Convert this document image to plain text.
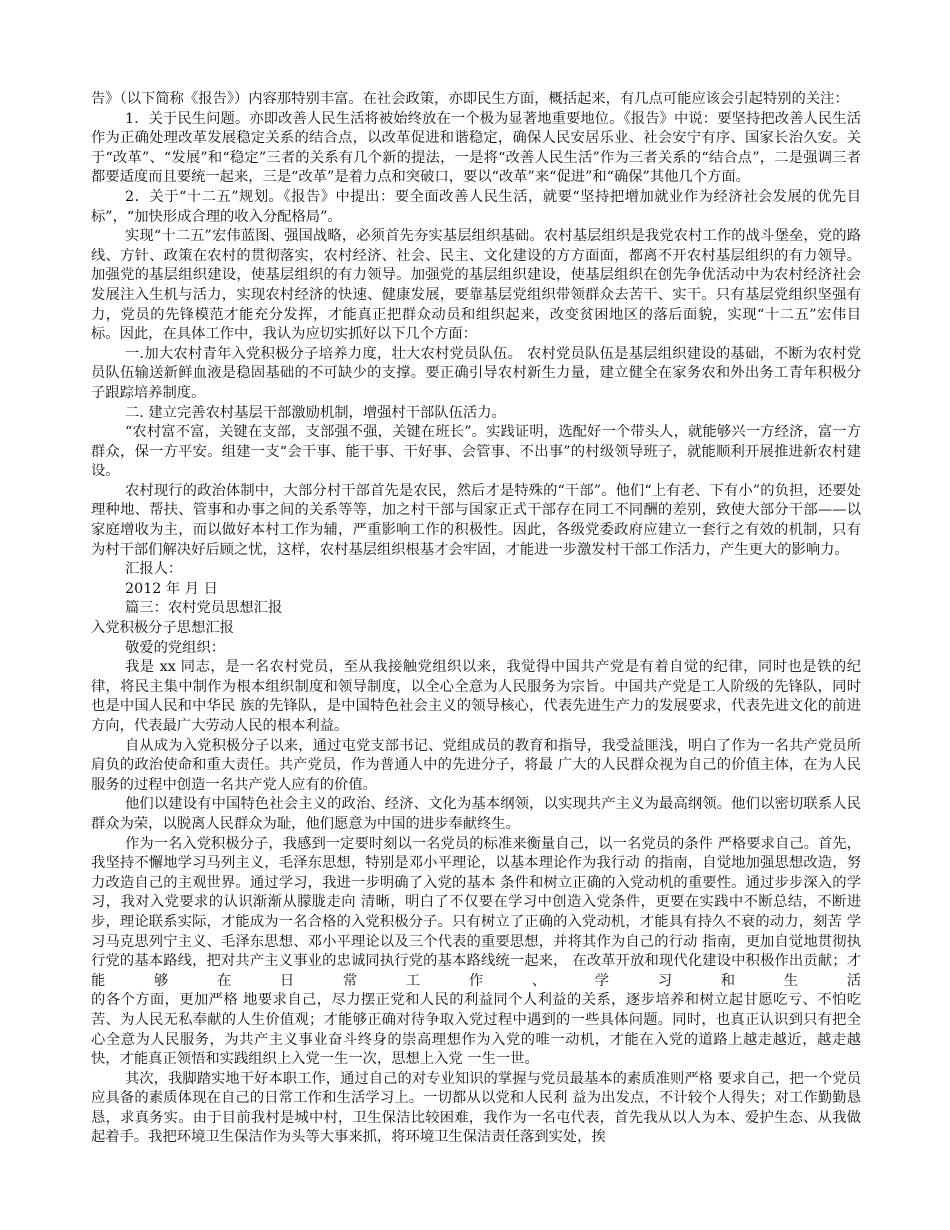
告》（以下简称《报告》）内容那特别丰富。在社会政策，亦即民生方面，概括起来，有几点可能应该会引起特别的关注：

1．关于民生问题。亦即改善人民生活将被始终放在一个极为显著地重要地位。《报告》中说：要坚持把改善人民生活作为正确处理改革发展稳定关系的结合点，以改革促进和谐稳定，确保人民安居乐业、社会安宁有序、国家长治久安。关于“改革”、“发展”和“稳定”三者的关系有几个新的提法，一是将“改善人民生活”作为三者关系的“结合点”，二是强调三者都要适度而且要统一起来，三是“改革”是着力点和突破口，要以“改革”来“促进”和“确保”其他几个方面。

2．关于“十二五”规划。《报告》中提出：要全面改善人民生活，就要“坚持把增加就业作为经济社会发展的优先目标”，“加快形成合理的收入分配格局”。

实现“十二五”宏伟蓝图、强国战略，必须首先夯实基层组织基础。农村基层组织是我党农村工作的战斗堡垒，党的路线、方针、政策在农村的贯彻落实，农村经济、社会、民主、文化建设的方方面面，都离不开农村基层组织的有力领导。加强党的基层组织建设，使基层组织的有力领导。加强党的基层组织建设，使基层组织在创先争优活动中为农村经济社会发展注入生机与活力，实现农村经济的快速、健康发展，要靠基层党组织带领群众去苦干、实干。只有基层党组织坚强有力，党员的先锋模范才能充分发挥，才能真正把群众动员和组织起来，改变贫困地区的落后面貌，实现“十二五”宏伟目标。因此，在具体工作中，我认为应切实抓好以下几个方面：

一.加大农村青年入党积极分子培养力度，壮大农村党员队伍。 农村党员队伍是基层组织建设的基础，不断为农村党员队伍输送新鲜血液是稳固基础的不可缺少的支撑。要正确引导农村新生力量，建立健全在家务农和外出务工青年积极分子跟踪培养制度。

二. 建立完善农村基层干部激励机制，增强村干部队伍活力。

“农村富不富，关键在支部，支部强不强，关键在班长”。实践证明，选配好一个带头人，就能够兴一方经济，富一方群众，保一方平安。组建一支“会干事、能干事、干好事、会管事、不出事”的村级领导班子，就能顺利开展推进新农村建设。

农村现行的政治体制中，大部分村干部首先是农民，然后才是特殊的“干部”。他们“上有老、下有小”的负担，还要处理种地、帮扶、管事和办事之间的关系等等，加之村干部与国家正式干部存在同工不同酬的差别，致使大部分干部——以家庭增收为主，而以做好本村工作为辅，严重影响工作的积极性。因此，各级党委政府应建立一套行之有效的机制，只有为村干部们解决好后顾之忧，这样，农村基层组织根基才会牢固，才能进一步激发村干部工作活力，产生更大的影响力。

汇报人：

2012 年 月 日

篇三：农村党员思想汇报

入党积极分子思想汇报

敬爱的党组织：

我是 xx 同志，是一名农村党员，至从我接触党组织以来，我觉得中国共产党是有着自觉的纪律，同时也是铁的纪律，将民主集中制作为根本组织制度和领导制度，以全心全意为人民服务为宗旨。中国共产党是工人阶级的先锋队，同时也是中国人民和中华民 族的先锋队，是中国特色社会主义的领导核心，代表先进生产力的发展要求，代表先进文化的前进 方向，代表最广大劳动人民的根本利益。

自从成为入党积极分子以来，通过屯党支部书记、党组成员的教育和指导，我受益匪浅，明白了作为一名共产党员所肩负的政治使命和重大责任。共产党员，作为普通人中的先进分子，将最 广大的人民群众视为自己的价值主体，在为人民服务的过程中创造一名共产党人应有的价值。

他们以建设有中国特色社会主义的政治、经济、文化为基本纲领，以实现共产主义为最高纲领。他们以密切联系人民群众为荣，以脱离人民群众为耻，他们愿意为中国的进步奉献终生。

作为一名入党积极分子，我感到一定要时刻以一名党员的标准来衡量自己，以一名党员的条件 严格要求自己。首先，我坚持不懈地学习马列主义，毛泽东思想，特别是邓小平理论，以基本理论作为我行动 的指南，自觉地加强思想改造，努力改造自己的主观世界。通过学习，我进一步明确了入党的基本 条件和树立正确的入党动机的重要性。通过步步深入的学习，我对入党要求的认识渐渐从朦胧走向 清晰，明白了不仅要在学习中创造入党条件，更要在实践中不断总结，不断进步，理论联系实际，才能成为一名合格的入党积极分子。只有树立了正确的入党动机，才能具有持久不衰的动力，刻苦 学习马克思列宁主义、毛泽东思想、邓小平理论以及三个代表的重要思想，并将其作为自己的行动 指南，更加自觉地贯彻执行党的基本路线，把对共产主义事业的忠诚同执行党的基本路线统一起来， 在改革开放和现代化建设中积极作出贡献；才能够在日常工作、学习和生活

的各个方面，更加严格 地要求自己，尽力摆正党和人民的利益同个人利益的关系，逐步培养和树立起甘愿吃亏、不怕吃苦、为人民无私奉献的人生价值观；才能够正确对待争取入党过程中遇到的一些具体问题。同时，也真正认识到只有把全心全意为人民服务，为共产主义事业奋斗终身的崇高理想作为入党的唯一动机，才能在入党的道路上越走越近，越走越快，才能真正领悟和实践组织上入党一生一次，思想上入党 一生一世。

其次，我脚踏实地干好本职工作，通过自己的对专业知识的掌握与党员最基本的素质准则严格 要求自己，把一个党员应具备的素质体现在自己的日常工作和生活学习上。一切都从以党和人民利 益为出发点，不计较个人得失；对工作勤勤恳恳，求真务实。由于目前我村是城中村，卫生保洁比较困难，我作为一名屯代表，首先我从以人为本、爱护生态、从我做起着手。我把环境卫生保洁作为头等大事来抓，将环境卫生保洁责任落到实处，挨
